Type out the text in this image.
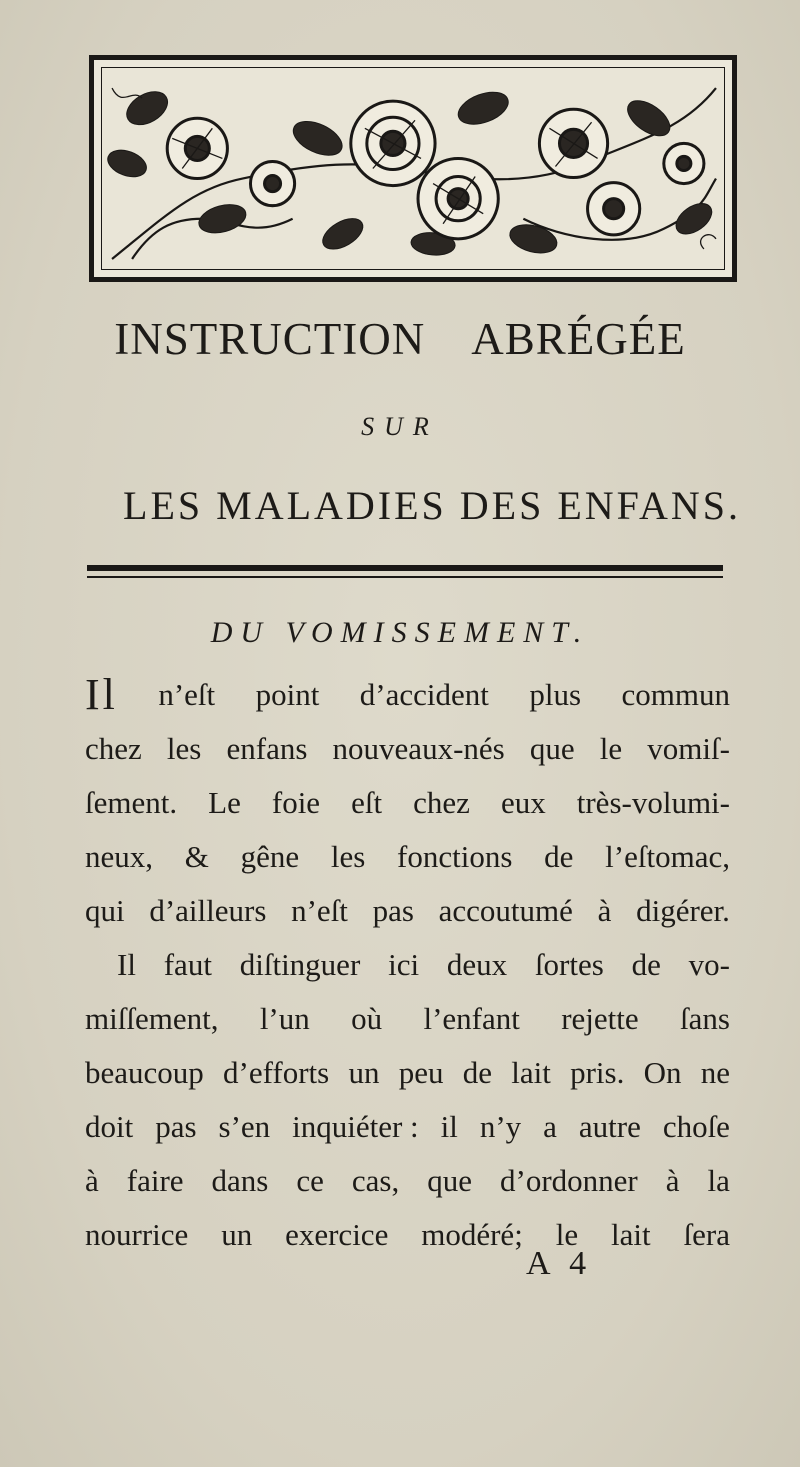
INSTRUCTION ABRÉGÉE
SUR
LES MALADIES DES ENFANS.
DU VOMISSEMENT.
Il n’eſt point d’accident plus commun
chez les enfans nouveaux-nés que le vomiſ-
ſement. Le foie eſt chez eux très-volumi-
neux, & gêne les fonctions de l’eſtomac,
qui d’ailleurs n’eſt pas accoutumé à digérer.
Il faut diſtinguer ici deux ſortes de vo-
miſſement, l’un où l’enfant rejette ſans
beaucoup d’efforts un peu de lait pris. On ne
doit pas s’en inquiéter : il n’y a autre choſe
à faire dans ce cas, que d’ordonner à la
nourrice un exercice modéré; le lait ſera
A 4
